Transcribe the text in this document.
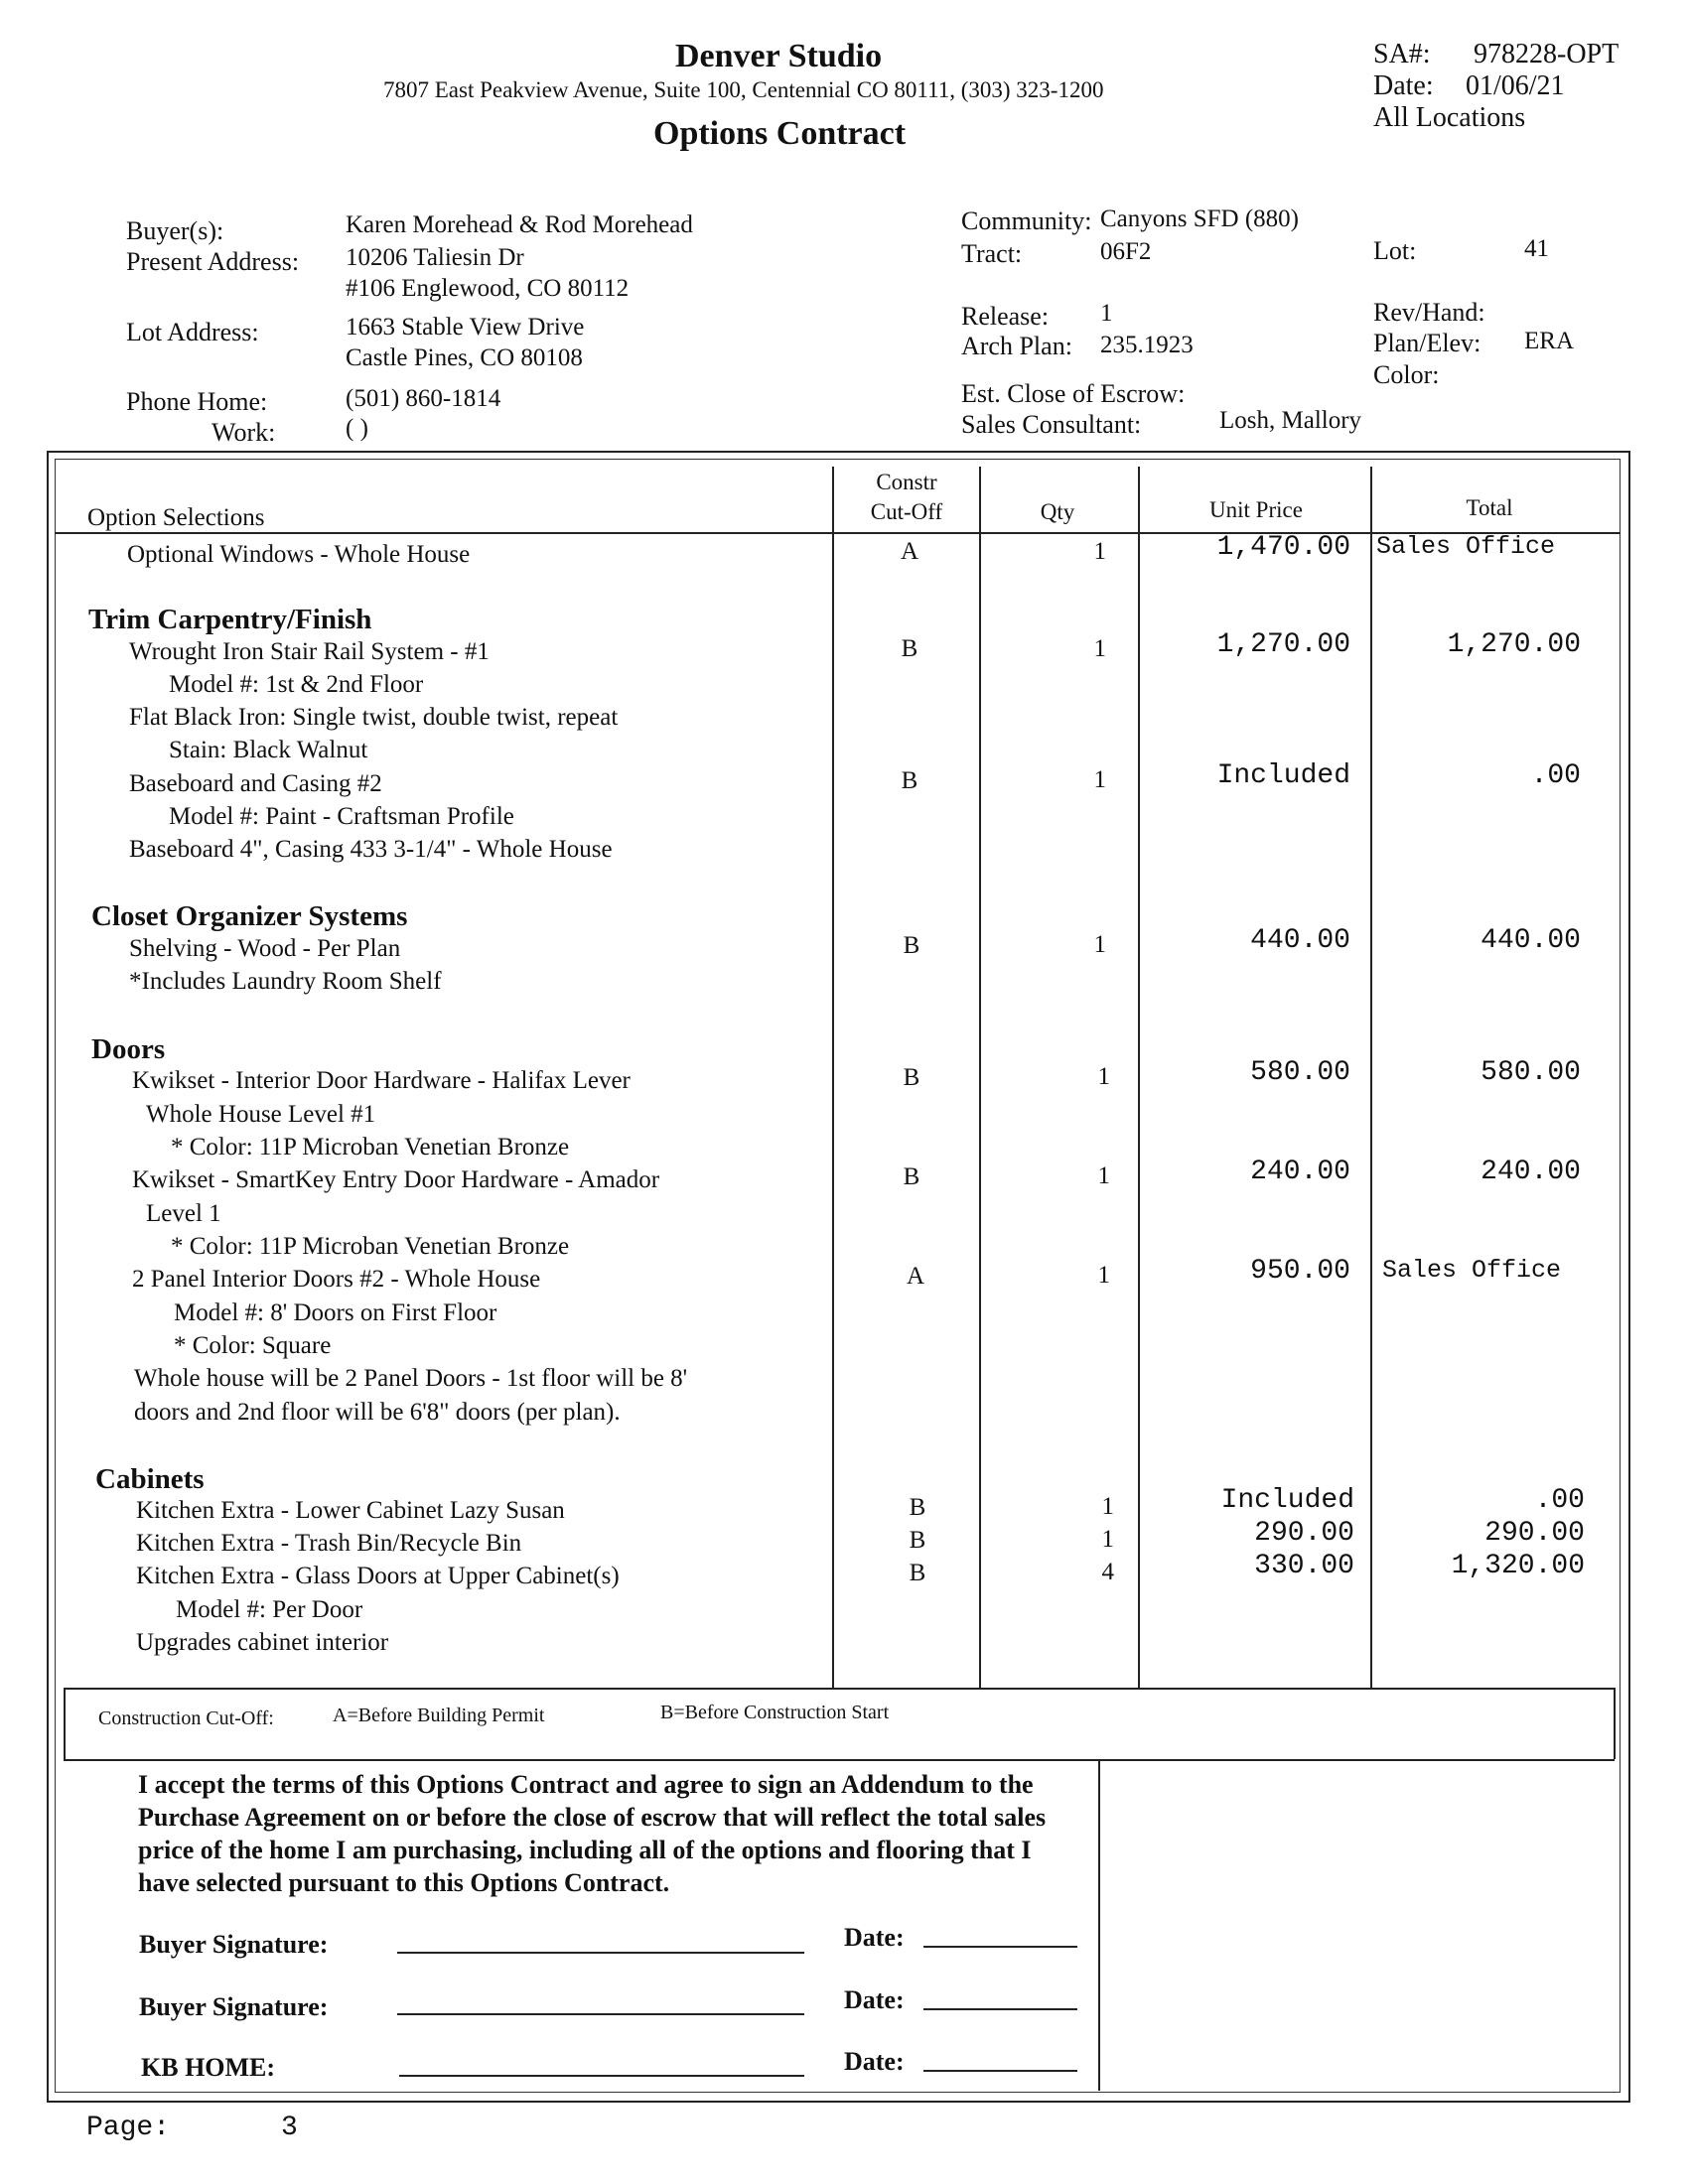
Denver Studio
7807 East Peakview Avenue, Suite 100, Centennial CO 80111, (303) 323-1200
Options Contract
SA#: 978228-OPT
Date: 01/06/21
All Locations
Buyer(s):	Karen Morehead & Rod Morehead
Present Address: 10206 Taliesin Dr
#106 Englewood, CO 80112
Lot Address:	1663 Stable View Drive
Castle Pines, CO 80108
Phone Home:	(501) 860-1814
Work:	( )
Community: Canyons SFD (880)
Tract:	06F2	Lot:	41
Release: 1
Arch Plan: 235.1923
Rev/Hand:
Plan/Elev: ERA
Color:
Est. Close of Escrow:
Sales Consultant:	Losh, Mallory
Option Selections
Constr
Cut-Off	Qty	Unit Price	Total
Optional Windows - Whole House	A	1	1,470.00 Sales Office
Trim Carpentry/Finish
Wrought Iron Stair Rail System - #1	B	1	1,270.00	1,270.00
Model #: 1st & 2nd Floor
Flat Black Iron: Single twist, double twist, repeat
Stain: Black Walnut
Baseboard and Casing #2	B	1	Included	.00
Model #: Paint - Craftsman Profile
Baseboard 4", Casing 433 3-1/4" - Whole House
Closet Organizer Systems
Shelving - Wood - Per Plan	B	1	440.00	440.00
*Includes Laundry Room Shelf
Doors
Kwikset - Interior Door Hardware - Halifax Lever	B	1	580.00	580.00
Whole House Level #1
* Color: 11P Microban Venetian Bronze
Kwikset - SmartKey Entry Door Hardware - Amador	B	1	240.00	240.00
Level 1
* Color: 11P Microban Venetian Bronze
2 Panel Interior Doors #2 - Whole House	A	1	950.00 Sales Office
Model #: 8' Doors on First Floor
* Color: Square
Whole house will be 2 Panel Doors - 1st floor will be 8'
doors and 2nd floor will be 6'8" doors (per plan).
Cabinets
Kitchen Extra - Lower Cabinet Lazy Susan	B	1	Included	.00
Kitchen Extra - Trash Bin/Recycle Bin	B	1	290.00	290.00
Kitchen Extra - Glass Doors at Upper Cabinet(s)	B	4	330.00	1,320.00
Model #: Per Door
Upgrades cabinet interior
Construction Cut-Off:	A=Before Building Permit	B=Before Construction Start
I accept the terms of this Options Contract and agree to sign an Addendum to the Purchase Agreement on or before the close of escrow that will reflect the total sales price of the home I am purchasing, including all of the options and flooring that I have selected pursuant to this Options Contract.
Buyer Signature:	Date:
Buyer Signature:	Date:
KB HOME:	Date:
Page:	3
